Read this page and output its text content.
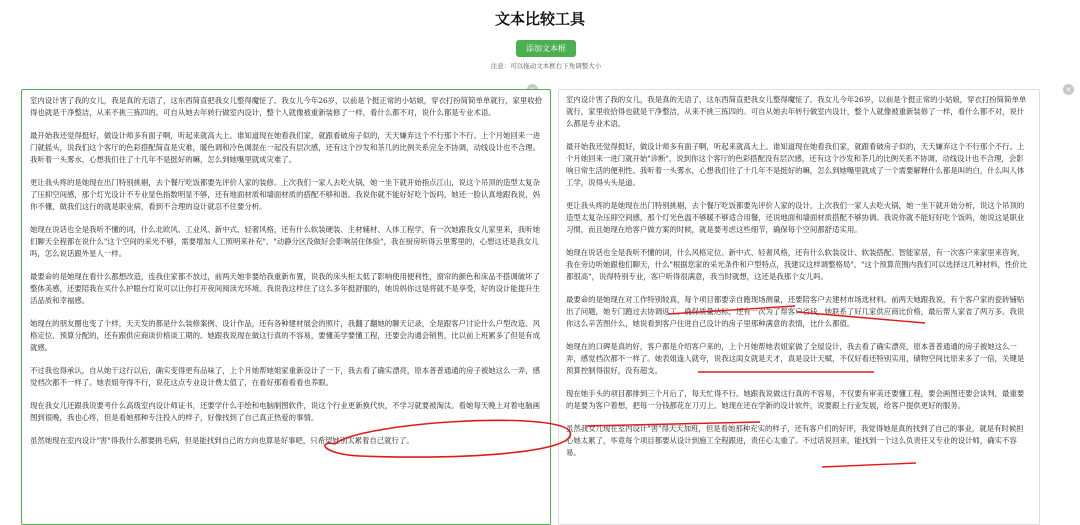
文本比较工具
添加文本框
注意：可以拖动文本框右下角调整大小

室内设计害了我的女儿，我是真的无语了，这东西简直把我女儿整得魔怔了。我女儿今年26岁，以前是个挺正常的小姑娘，穿衣打扮简简单单就行，家里收拾得也就是干净整洁，从来不挑三拣四的。可自从她去年转行做室内设计，整个人就像被重新装修了一样，看什么都不对，说什么都是专业术语。

最开始我还觉得挺好，做设计师多有面子啊，听起来就高大上。谁知道现在她看我们家，就跟看破房子似的，天天嫌弃这个不行那个不行。上个月她回来一进门就摇头，说我们这个客厅的色彩搭配简直是灾难，暖色调和冷色调混在一起没有层次感，还有这个沙发和茶几的比例关系完全不协调，动线设计也不合理。我听着一头雾水，心想我们住了十几年不是挺好的嘛，怎么到她嘴里就成灾难了。

更让我头疼的是她现在出门特别挑剔，去个餐厅吃饭都要先评价人家的装修。上次我们一家人去吃火锅，她一坐下就开始指点江山，说这个吊顶的造型太复杂了压抑空间感，那个灯光设计不专业显色指数明显不够，还有地面材质和墙面材质的搭配不够和谐。我说你就不能好好吃个饭吗，她还一脸认真地跟我说，妈你不懂，做我们这行的就是职业病，看到不合理的设计就忍不住要分析。

她现在说话也全是我听不懂的词，什么北欧风、工业风、新中式、轻奢风格，还有什么软装硬装、主材辅材、人体工程学，有一次她跟我女儿家里来，我听她们聊天全程都在说什么"这个空间的采光不够，需要增加人工照明来补充"、"动静分区没做好会影响居住体验"，我在厨房听得云里雾里的，心想这还是我女儿吗，怎么说话跟外星人一样。

最要命的是她现在看什么都想改造，连我住家都不放过，前两天她非要给我重新布置，说我的床头柜太低了影响使用便利性，窗帘的颜色和床品不搭调破坏了整体美感，还要陪我在买什么护眼台灯说可以让你打开夜间阅读光环境。我说我这样住了这么多年挺舒服的，她说妈你这是将就不是享受，好的设计能提升生活品质和幸福感。

她现在的朋友圈也变了个样，天天发的都是什么装修案例、设计作品，还有各种建材展会的照片，我翻了翻她的聊天记录，全是跟客户讨论什么户型改造、风格定位、预算分配的，还有跟供应商谈价格谈工期的。她跟我说现在做这行真的不容易，要懂美学要懂工程，还要会沟通会销售，比以前上班累多了但是有成就感。

不过我也得承认，自从她干这行以后，确实变得更有品味了，上个月她帮她姐家重新设计了一下，我去看了确实漂亮，原本普普通通的房子被她这么一弄，感觉档次都不一样了。她表姐夸得不行，说花这点专业设计费太值了，在看好那看看看也养眼。

现在我女儿还跟我说要考什么高级室内设计师证书，还要学什么手绘和电脑制图软件，说这个行业更新换代快，不学习就要被淘汰。看她每天晚上对着电脑画图到很晚，我也心疼，但是看她那种专注投入的样子，好像找到了自己真正热爱的事情。

虽然她现在室内设计"害"得我什么都要挑毛病，但是能找到自己的方向也算是好事吧，只希望她别太累着自己就行了。

×

室内设计害了我的女儿，我是真的无语了，这东西简直把我女儿整得魔怔了。我女儿今年26岁，以前是个挺正常的小姑娘，穿衣打扮简简单单就行，家里收拾得也就是干净整洁，从来不挑三拣四的。可自从她去年转行做室内设计，整个人就像被重新装修了一样，看什么都不对，说什么都是专业术语。

最开始我还觉得挺好，做设计师多有面子啊，听起来就高大上。谁知道现在她看我们家，就跟看破房子似的，天天嫌弃这个不行那个不行。上个月她回来一进门就开始"诊断"，说到你这个客厅的色彩搭配没有层次感，还有这个沙发和茶几的比例关系不协调，动线设计也不合理，会影响日常生活的便利性。我听着一头雾水，心想我们住了十几年不是挺好的嘛，怎么到她嘴里就成了一个需要解释什么都是叫的白，什么叫人体工学，说得头头是道。

更让我头疼的是她现在出门特别挑剔，去个餐厅吃饭都要先评价人家的设计。上次我们一家人去吃火锅，她一坐下就开始分析，说这个吊顶的造型太复杂压抑空间感，那个灯光色温不够暖不够适合用餐，还说地面和墙面材质搭配不够协调。我说你就不能好好吃个饭吗，她说这是职业习惯，而且她现在给客户做方案的时候，就是要考虑这些细节，确保每个空间都舒适实用。

她现在说话也全是我听不懂的词，什么风格定位、新中式、轻奢风格，还有什么软装设计、软装搭配、智能家居，有一次客户来家里来咨询，我在旁边听她跟他们聊天，什么"根据您家的采光条件和户型特点，我建议这样调整格局"、"这个预算范围内我们可以选择这几种材料，性价比都很高"，说得特别专业，客户听得很满意，我当时就想，这还是我那个女儿吗。

最要命的是她现在对工作特别较真，每个项目都要亲自跑现场测量，还要陪客户去建材市场选材料。前两天她跟我说，有个客户家的瓷砖铺贴出了问题，她专门跑过去协调返工，确保质量达标，还有一次为了帮客户省钱，她联系了好几家供应商比价格，最后帮人家省了两万多。我说你这么辛苦图什么，她说看到客户住进自己设计的房子里那种满意的表情，比什么都值。

她现在的口碑是真的好，客户都是介绍客户来的，上个月她帮她表姐家做了全屋设计，我去看了确实漂亮，原本普普通通的房子被她这么一弄，感觉档次都不一样了。她表姐逢人就夸，说我这闺女就是天才，真是设计天赋，不仅好看还特别实用，储物空间比原来多了一倍，关键是预算控制得很好，没有超支。

现在她手头的项目都排到三个月后了，每天忙得不行。她跟我说做这行真的不容易，不仅要有审美还要懂工程，要会画图还要会谈判，最重要的是要为客户着想，把每一分钱都花在刀刃上。她现在还在学新的设计软件，说要跟上行业发展，给客户提供更好的服务。

虽然我女儿现在室内设计"害"得天天加班，但是看她那种充实的样子，还有客户们的好评，我觉得她是真的找到了自己的事业，就是有时候担心她太累了，毕竟每个项目都要从设计到施工全程跟进，责任心太重了。不过话说回来，能找到一个这么负责任又专业的设计师，确实不容易。
